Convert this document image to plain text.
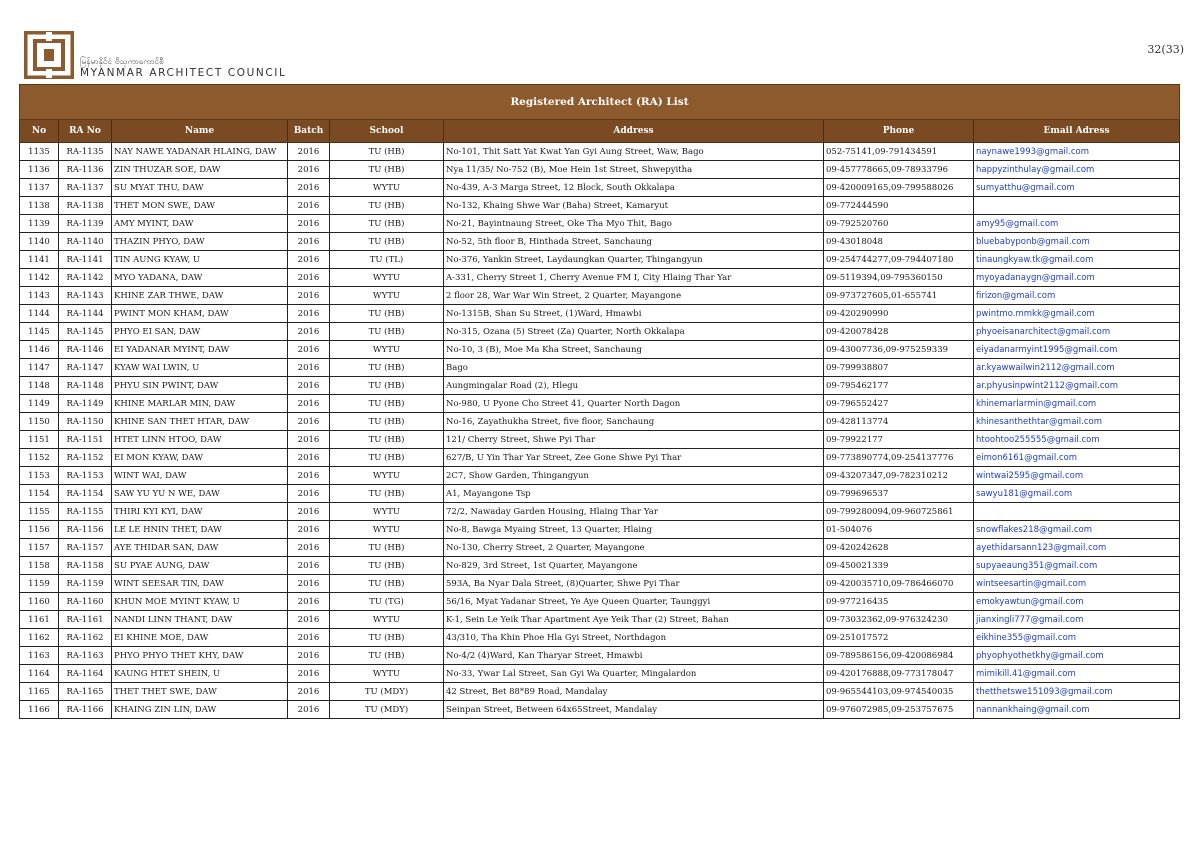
မြန်မာနိုင်ငံ ဗိသုကာကောင်စီ
MYANMAR ARCHITECT COUNCIL
32(33)
Registered Architect (RA) List							
No	RA No	Name	Batch	School	Address	Phone	Email Adress
1135	RA-1135	NAY NAWE YADANAR HLAING, DAW	2016	TU (HB)	No-101, Thit Satt Yat Kwat Yan Gyi Aung Street, Waw, Bago	052-75141,09-791434591	naynawe1993@gmail.com
1136	RA-1136	ZIN THUZAR SOE, DAW	2016	TU (HB)	Nya 11/35/ No-752 (B), Moe Hein 1st Street, Shwepyitha	09-457778665,09-78933796	happyzinthulay@gmail.com
1137	RA-1137	SU MYAT THU, DAW	2016	WYTU	No-439, A-3 Marga Street, 12 Block, South Okkalapa	09-420009165,09-799588026	sumyatthu@gmail.com
1138	RA-1138	THET MON SWE, DAW	2016	TU (HB)	No-132, Khaing Shwe War (Baha) Street, Kamaryut	09-772444590	
1139	RA-1139	AMY MYINT, DAW	2016	TU (HB)	No-21, Bayintnaung Street, Oke Tha Myo Thit, Bago	09-792520760	amy95@gmail.com
1140	RA-1140	THAZIN PHYO, DAW	2016	TU (HB)	No-52, 5th floor B, Hinthada Street, Sanchaung	09-43018048	bluebabyponb@gmail.com
1141	RA-1141	TIN AUNG KYAW, U	2016	TU (TL)	No-376, Yankin Street, Laydaungkan Quarter, Thingangyun	09-254744277,09-794407180	tinaungkyaw.tk@gmail.com
1142	RA-1142	MYO YADANA, DAW	2016	WYTU	A-331, Cherry Street 1, Cherry Avenue FM I, City Hlaing Thar Yar	09-5119394,09-795360150	myoyadanaygn@gmail.com
1143	RA-1143	KHINE ZAR THWE, DAW	2016	WYTU	2 floor 28, War War Win Street, 2 Quarter, Mayangone	09-973727605,01-655741	firizon@gmail.com
1144	RA-1144	PWINT MON KHAM, DAW	2016	TU (HB)	No-1315B, Shan Su Street, (1)Ward, Hmawbi	09-420290990	pwintmo.mmkk@gmail.com
1145	RA-1145	PHYO EI SAN, DAW	2016	TU (HB)	No-315, Ozana (5) Street (Za) Quarter, North Okkalapa	09-420078428	phyoeisanarchitect@gmail.com
1146	RA-1146	EI YADANAR MYINT, DAW	2016	WYTU	No-10, 3 (B), Moe Ma Kha Street, Sanchaung	09-43007736,09-975259339	eiyadanarmyint1995@gmail.com
1147	RA-1147	KYAW WAI LWIN, U	2016	TU (HB)	Bago	09-799938807	ar.kyawwailwin2112@gmail.com
1148	RA-1148	PHYU SIN PWINT, DAW	2016	TU (HB)	Aungmingalar Road (2), Hlegu	09-795462177	ar.phyusinpwint2112@gmail.com
1149	RA-1149	KHINE MARLAR MIN, DAW	2016	TU (HB)	No-980, U Pyone Cho Street 41, Quarter North Dagon	09-796552427	khinemarlarmin@gmail.com
1150	RA-1150	KHINE SAN THET HTAR, DAW	2016	TU (HB)	No-16, Zayathukha Street, five floor, Sanchaung	09-428113774	khinesanthethtar@gmail.com
1151	RA-1151	HTET LINN HTOO, DAW	2016	TU (HB)	121/ Cherry Street, Shwe Pyi Thar	09-79922177	htoohtoo255555@gmail.com
1152	RA-1152	EI MON KYAW, DAW	2016	TU (HB)	627/B, U Yin Thar Yar Street, Zee Gone Shwe Pyi Thar	09-773890774,09-254137776	eimon6161@gmail.com
1153	RA-1153	WINT WAI, DAW	2016	WYTU	2C7, Show Garden, Thingangyun	09-43207347,09-782310212	wintwai2595@gmail.com
1154	RA-1154	SAW YU YU N WE, DAW	2016	TU (HB)	A1, Mayangone Tsp	09-799696537	sawyu181@gmail.com
1155	RA-1155	THIRI KYI KYI, DAW	2016	WYTU	72/2, Nawaday Garden Housing, Hlaing Thar Yar	09-799280094,09-960725861	
1156	RA-1156	LE LE HNIN THET, DAW	2016	WYTU	No-8, Bawga Myaing Street, 13 Quarter, Hlaing	01-504076	snowflakes218@gmail.com
1157	RA-1157	AYE THIDAR SAN, DAW	2016	TU (HB)	No-130, Cherry Street, 2 Quarter, Mayangone	09-420242628	ayethidarsann123@gmail.com
1158	RA-1158	SU PYAE AUNG, DAW	2016	TU (HB)	No-829, 3rd Street, 1st Quarter, Mayangone	09-450021339	supyaeaung351@gmail.com
1159	RA-1159	WINT SEESAR TIN, DAW	2016	TU (HB)	593A, Ba Nyar Dala Street, (8)Quarter, Shwe Pyi Thar	09-420035710,09-786466070	wintseesartin@gmail.com
1160	RA-1160	KHUN MOE MYINT KYAW, U	2016	TU (TG)	56/16, Myat Yadanar Street, Ye Aye Queen Quarter, Taunggyi	09-977216435	emokyawtun@gmail.com
1161	RA-1161	NANDI LINN THANT, DAW	2016	WYTU	K-1, Sein Le Yeik Thar Apartment Aye Yeik Thar (2) Street, Bahan	09-73032362,09-976324230	jianxingli777@gmail.com
1162	RA-1162	EI KHINE MOE, DAW	2016	TU (HB)	43/310, Tha Khin Phoe Hla Gyi Street, Northdagon	09-251017572	eikhine355@gmail.com
1163	RA-1163	PHYO PHYO THET KHY, DAW	2016	TU (HB)	No-4/2 (4)Ward, Kan Tharyar Street, Hmawbi	09-789586156,09-420086984	phyophyothetkhy@gmail.com
1164	RA-1164	KAUNG HTET SHEIN, U	2016	WYTU	No-33, Ywar Lal Street, San Gyi Wa Quarter, Mingalardon	09-420176888,09-773178047	mimikill.41@gmail.com
1165	RA-1165	THET THET SWE, DAW	2016	TU (MDY)	42 Street, Bet 88*89 Road, Mandalay	09-965544103,09-974540035	thetthetswe151093@gmail.com
1166	RA-1166	KHAING ZIN LIN, DAW	2016	TU (MDY)	Seinpan Street, Between 64x65Street, Mandalay	09-976072985,09-253757675	nannankhaing@gmail.com
